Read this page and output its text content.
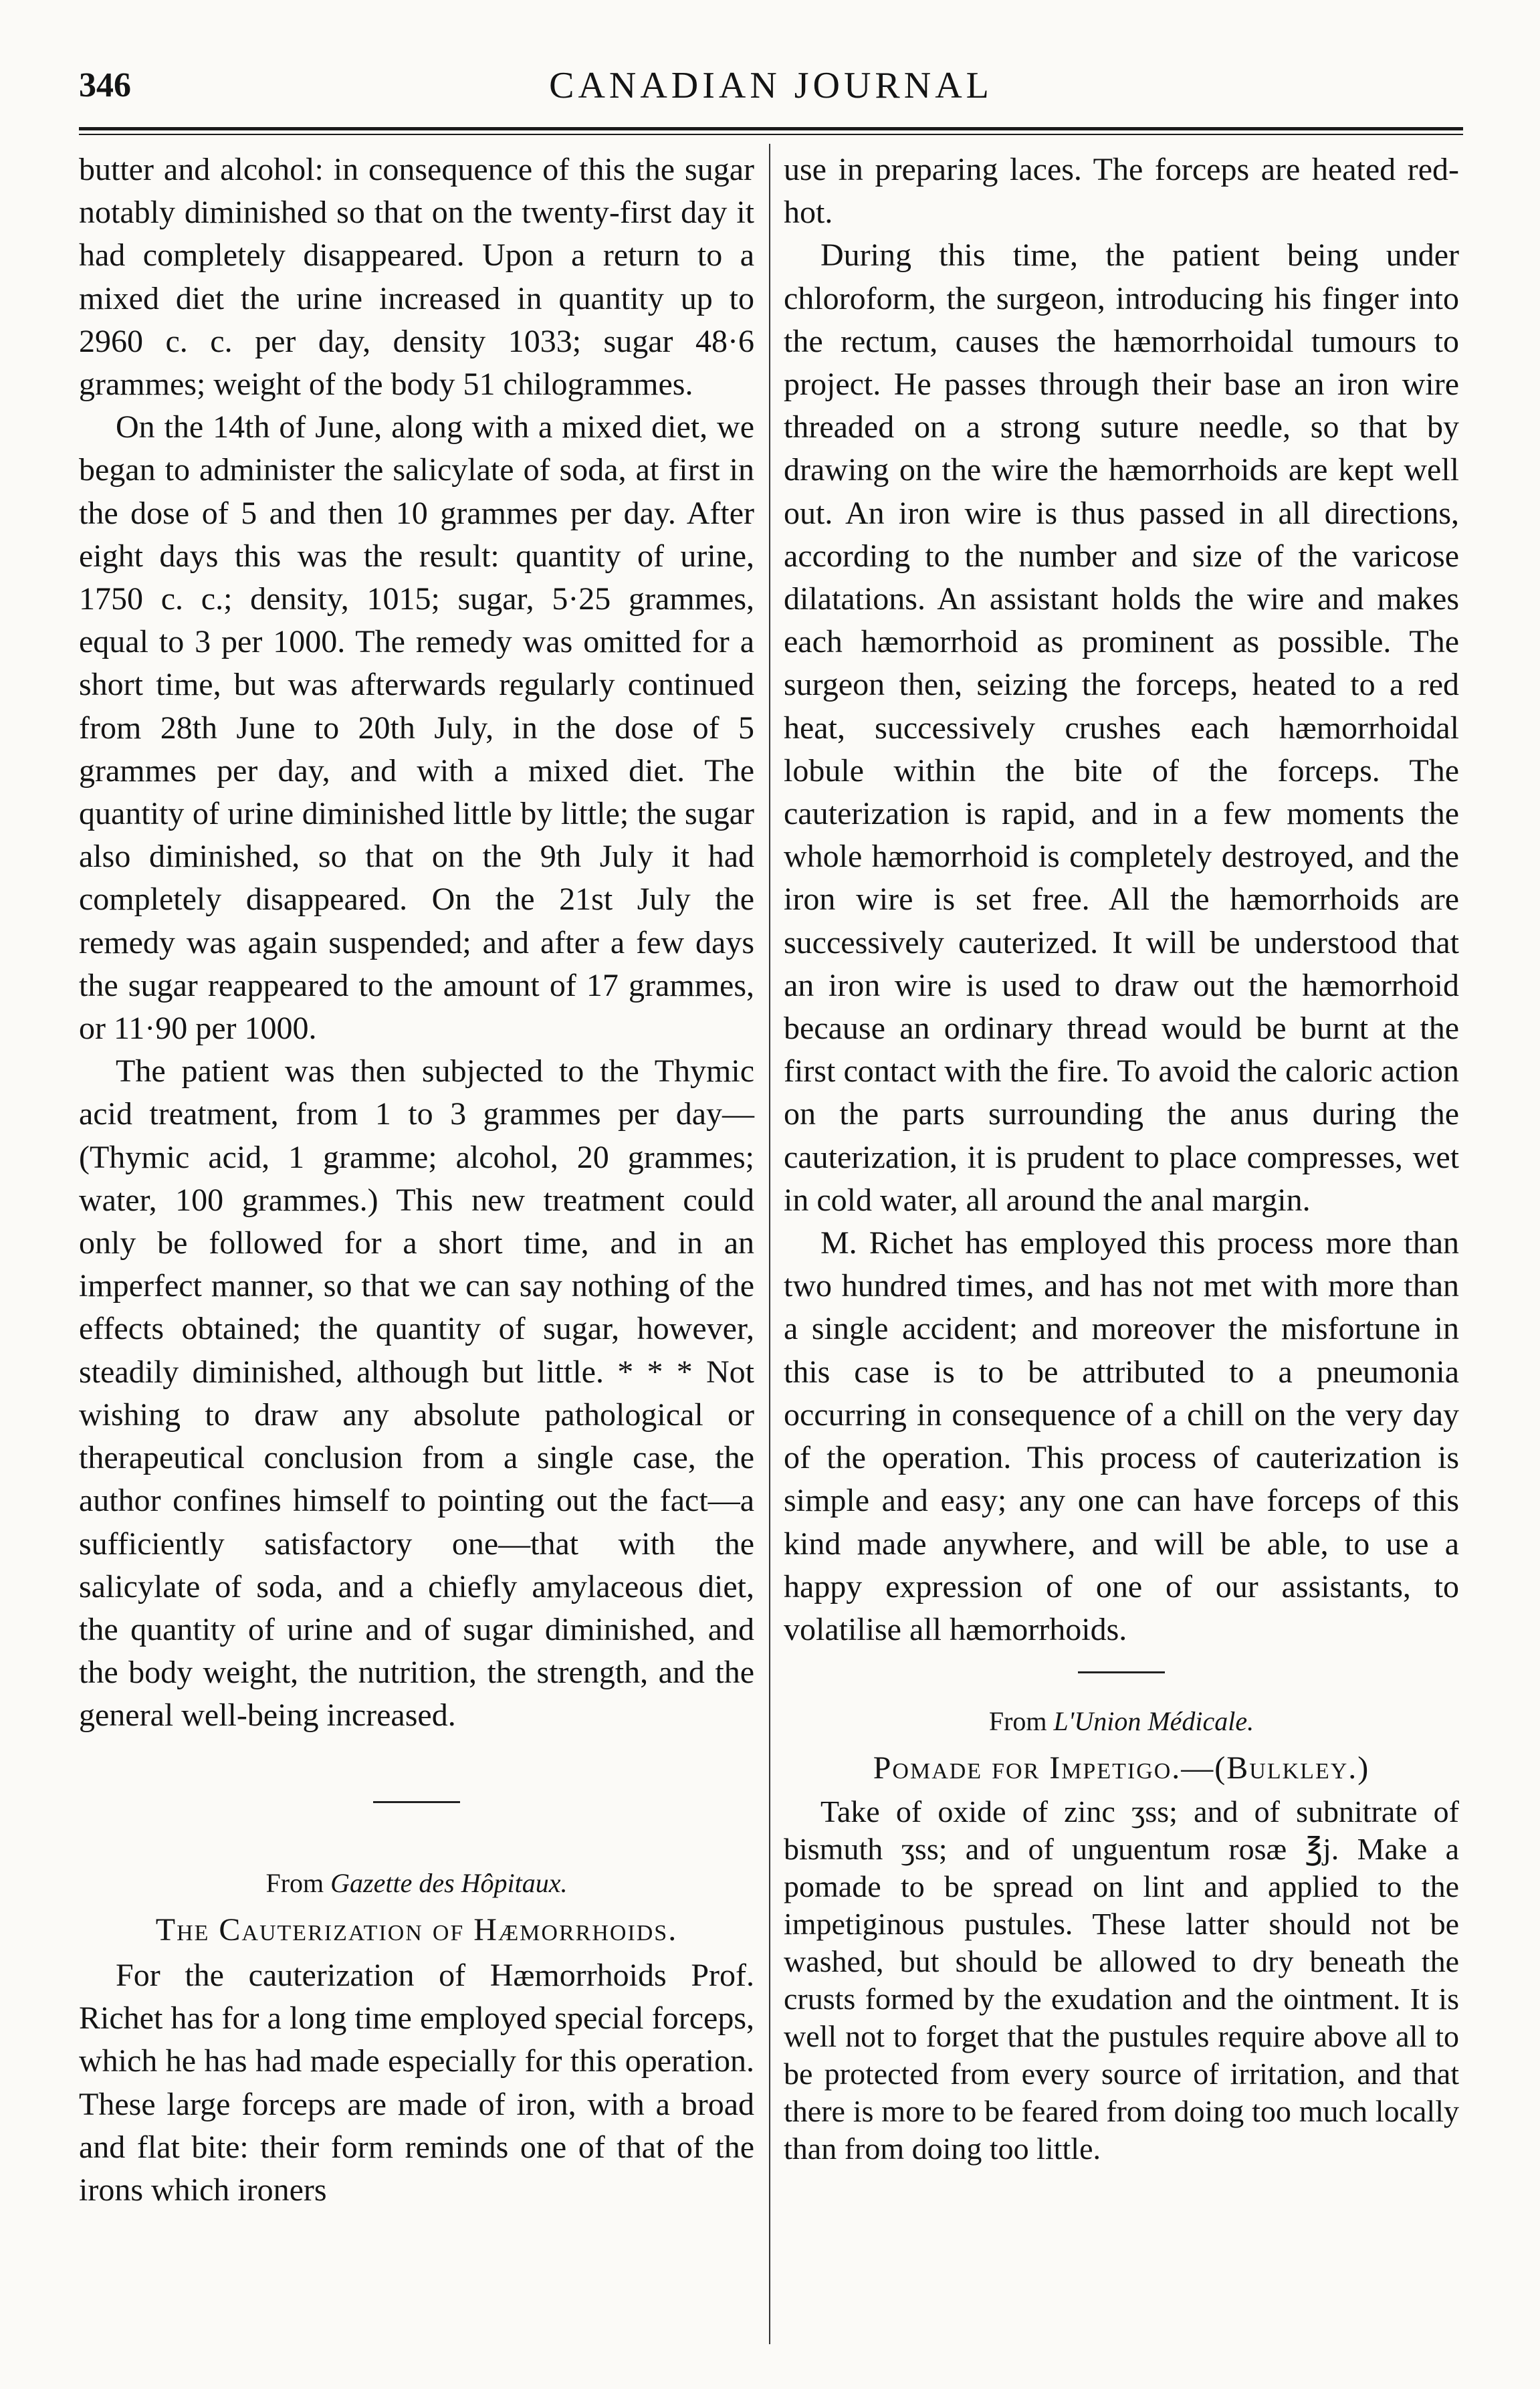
346	CANADIAN JOURNAL

butter and alcohol: in consequence of this the sugar notably diminished so that on the twenty-first day it had completely disappeared. Upon a return to a mixed diet the urine increased in quantity up to 2960 c. c. per day, density 1033; sugar 48·6 grammes; weight of the body 51 chilogrammes.

On the 14th of June, along with a mixed diet, we began to administer the salicylate of soda, at first in the dose of 5 and then 10 grammes per day. After eight days this was the result: quantity of urine, 1750 c. c.; density, 1015; sugar, 5·25 grammes, equal to 3 per 1000. The remedy was omitted for a short time, but was afterwards regularly continued from 28th June to 20th July, in the dose of 5 grammes per day, and with a mixed diet. The quantity of urine diminished little by little; the sugar also diminished, so that on the 9th July it had completely disappeared. On the 21st July the remedy was again suspended; and after a few days the sugar reappeared to the amount of 17 grammes, or 11·90 per 1000.

The patient was then subjected to the Thymic acid treatment, from 1 to 3 grammes per day—(Thymic acid, 1 gramme; alcohol, 20 grammes; water, 100 grammes.) This new treatment could only be followed for a short time, and in an imperfect manner, so that we can say nothing of the effects obtained; the quantity of sugar, however, steadily diminished, although but little. * * * Not wishing to draw any absolute pathological or therapeutical conclusion from a single case, the author confines himself to pointing out the fact—a sufficiently satisfactory one—that with the salicylate of soda, and a chiefly amylaceous diet, the quantity of urine and of sugar diminished, and the body weight, the nutrition, the strength, and the general well-being increased.

From Gazette des Hôpitaux.

The Cauterization of Hæmorrhoids.

For the cauterization of Hæmorrhoids Prof. Richet has for a long time employed special forceps, which he has had made especially for this operation. These large forceps are made of iron, with a broad and flat bite: their form reminds one of that of the irons which ironers

use in preparing laces. The forceps are heated red-hot.

During this time, the patient being under chloroform, the surgeon, introducing his finger into the rectum, causes the hæmorrhoidal tumours to project. He passes through their base an iron wire threaded on a strong suture needle, so that by drawing on the wire the hæmorrhoids are kept well out. An iron wire is thus passed in all directions, according to the number and size of the varicose dilatations. An assistant holds the wire and makes each hæmorrhoid as prominent as possible. The surgeon then, seizing the forceps, heated to a red heat, successively crushes each hæmorrhoidal lobule within the bite of the forceps. The cauterization is rapid, and in a few moments the whole hæmorrhoid is completely destroyed, and the iron wire is set free. All the hæmorrhoids are successively cauterized. It will be understood that an iron wire is used to draw out the hæmorrhoid because an ordinary thread would be burnt at the first contact with the fire. To avoid the caloric action on the parts surrounding the anus during the cauterization, it is prudent to place compresses, wet in cold water, all around the anal margin.

M. Richet has employed this process more than two hundred times, and has not met with more than a single accident; and moreover the misfortune in this case is to be attributed to a pneumonia occurring in consequence of a chill on the very day of the operation. This process of cauterization is simple and easy; any one can have forceps of this kind made anywhere, and will be able, to use a happy expression of one of our assistants, to volatilise all hæmorrhoids.

From L'Union Médicale.

Pomade for Impetigo.—(Bulkley.)

Take of oxide of zinc ʒss; and of subnitrate of bismuth ʒss; and of unguentum rosæ ℥j. Make a pomade to be spread on lint and applied to the impetiginous pustules. These latter should not be washed, but should be allowed to dry beneath the crusts formed by the exudation and the ointment. It is well not to forget that the pustules require above all to be protected from every source of irritation, and that there is more to be feared from doing too much locally than from doing too little.
